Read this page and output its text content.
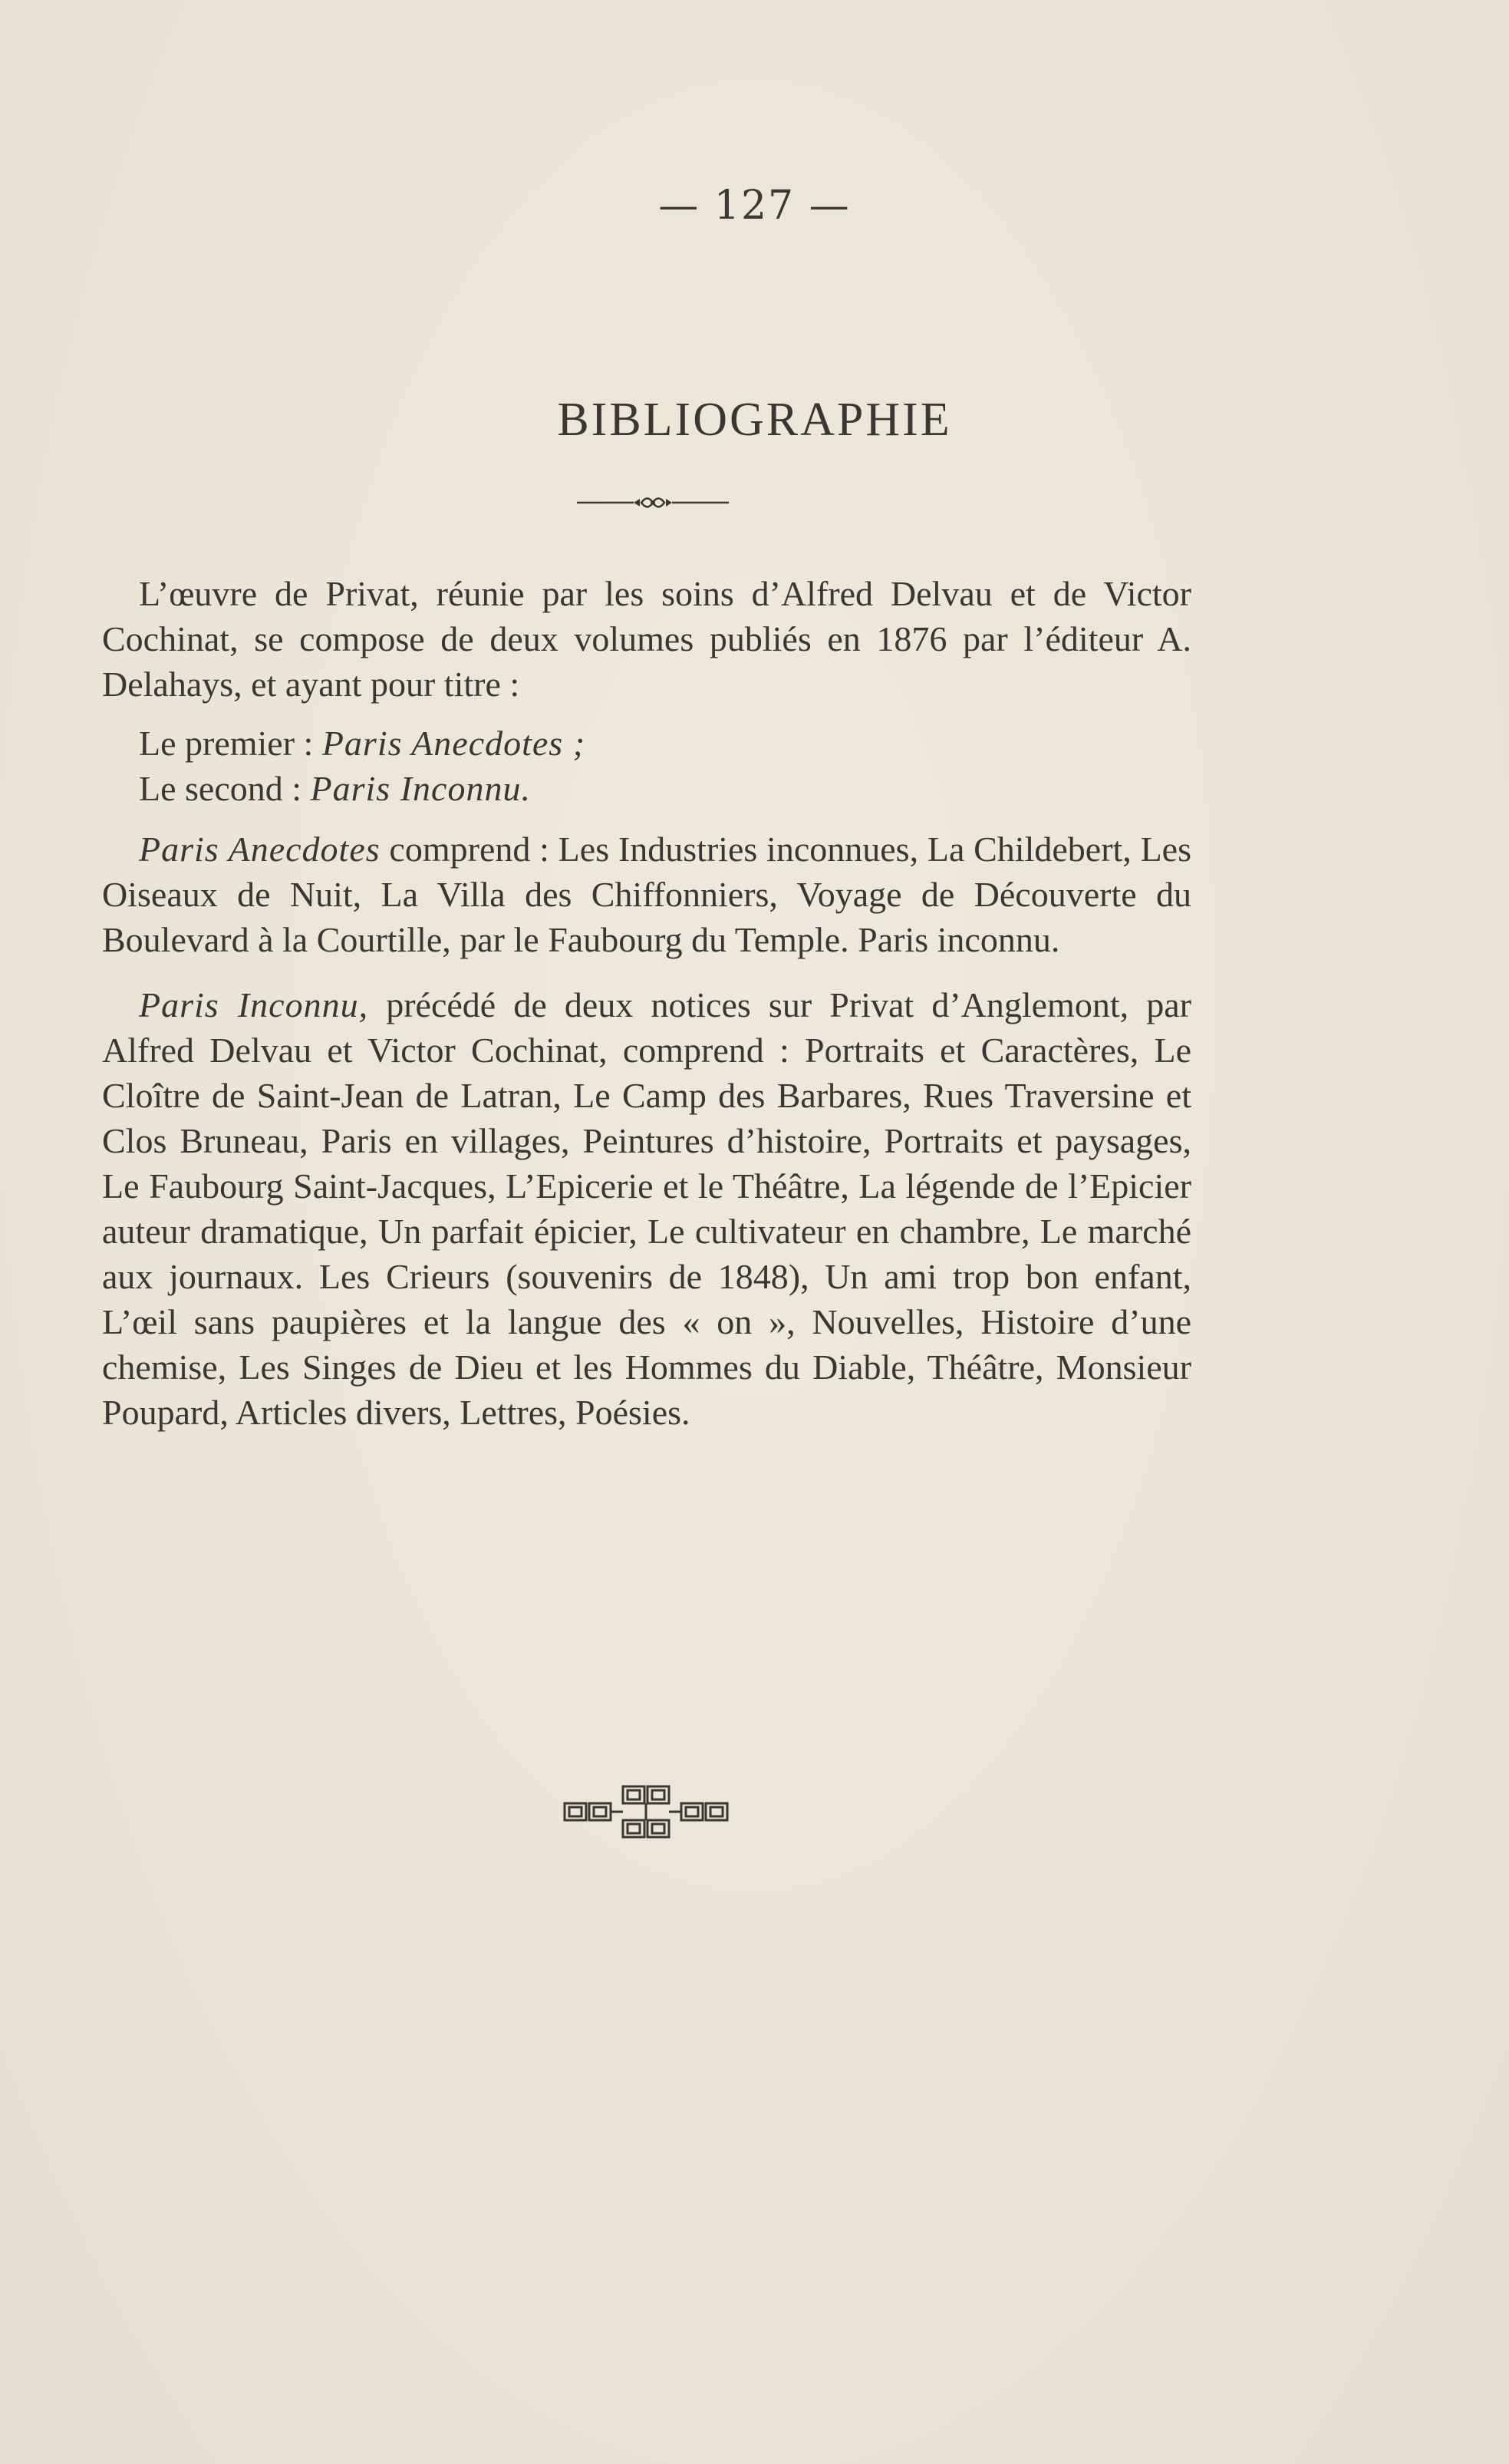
— 127 —
BIBLIOGRAPHIE

L’œuvre de Privat, réunie par les soins d’Alfred Delvau et de Victor Cochinat, se compose de deux volumes publiés en 1876 par l’éditeur A. Delahays, et ayant pour titre :

Le premier : Paris Anecdotes ;

Le second : Paris Inconnu.

Paris Anecdotes comprend : Les Industries inconnues, La Childebert, Les Oiseaux de Nuit, La Villa des Chiffonniers, Voyage de Découverte du Boulevard à la Courtille, par le Faubourg du Temple. Paris inconnu.

Paris Inconnu, précédé de deux notices sur Privat d’Anglemont, par Alfred Delvau et Victor Cochinat, comprend : Portraits et Caractères, Le Cloître de Saint-Jean de Latran, Le Camp des Barbares, Rues Traversine et Clos Bruneau, Paris en villages, Peintures d’histoire, Portraits et paysages, Le Faubourg Saint-Jacques, L’Epicerie et le Théâtre, La légende de l’Epicier auteur dramatique, Un parfait épicier, Le cultivateur en chambre, Le marché aux journaux. Les Crieurs (souvenirs de 1848), Un ami trop bon enfant, L’œil sans paupières et la langue des « on », Nouvelles, Histoire d’une chemise, Les Singes de Dieu et les Hommes du Diable, Théâtre, Monsieur Poupard, Articles divers, Lettres, Poésies.
